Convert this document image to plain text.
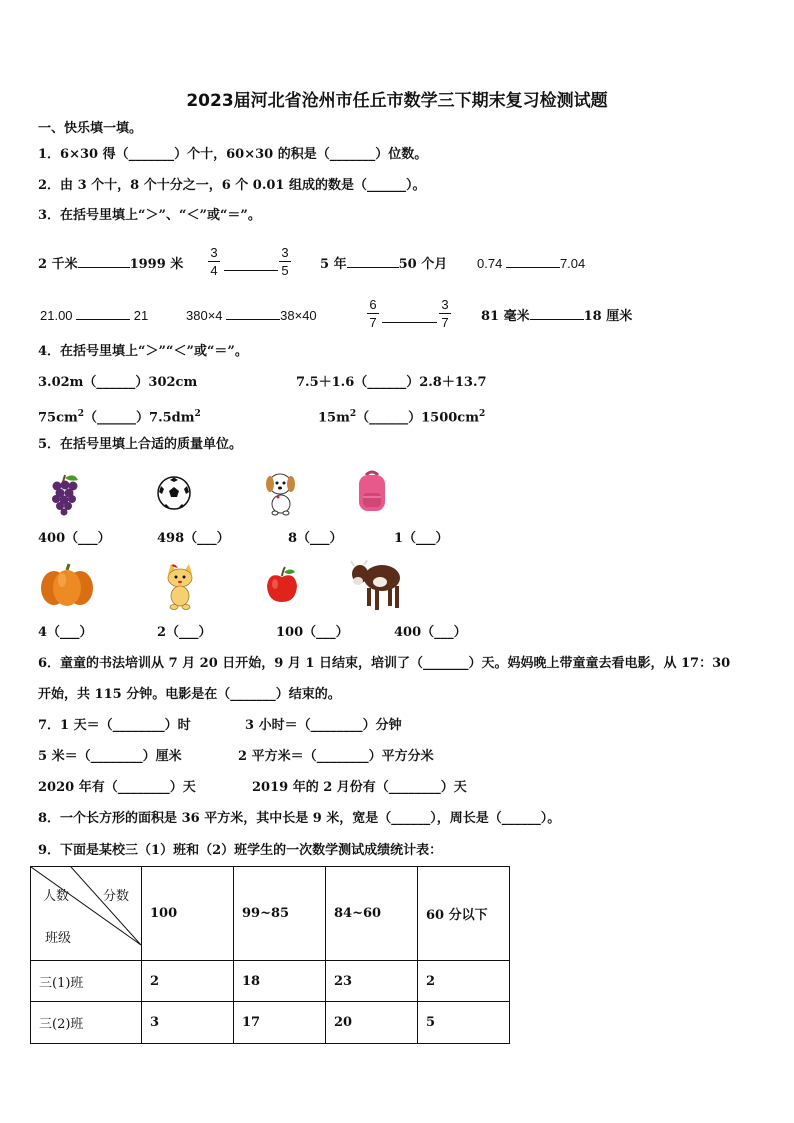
2023届河北省沧州市任丘市数学三下期末复习检测试题
一、快乐填一填。
1．6×30 得（_______）个十，60×30 的积是（_______）位数。
2．由 3 个十，8 个十分之一，6 个 0.01 组成的数是（______）。
3．在括号里填上“＞”、“＜”或“＝”。
2 千米	1999 米
3
4
3
5 5 年	50 个月 0.74	7.04
21.00	21	380×4	38×40
6
7
3
7 81 毫米	18 厘米
4．在括号里填上“＞”“＜”或“＝”。
3.02m（______）302cm	7.5＋1.6（______）2.8＋13.7
$75cm^2(\_\_\_\_\_\_)7.5dm^2$	$15m^2(\_\_\_\_\_\_)1500cm^2$
5．在括号里填上合适的质量单位。
400（___）	498（___）	8（___）	1（___）
4（___）	2（___）	100（___）	400（___）
6．童童的书法培训从 7 月 20 日开始，9 月 1 日结束，培训了（_______）天。妈妈晚上带童童去看电影，从 17：30
开始，共 115 分钟。电影是在（_______）结束的。
7．1 天＝（________）时	3 小时＝（________）分钟
5 米＝（________）厘米	2 平方米＝（________）平方分米
2020 年有（________）天	2019 年的 2 月份有（________）天
8．一个长方形的面积是 36 平方米，其中长是 9 米，宽是（______），周长是（______）。
9．下面是某校三（1）班和（2）班学生的一次数学测试成绩统计表：
人数 分数
班级	100	99~85	84~60	60 分以下
三(1)班	2	18	23	2
三(2)班	3	17	20	5
